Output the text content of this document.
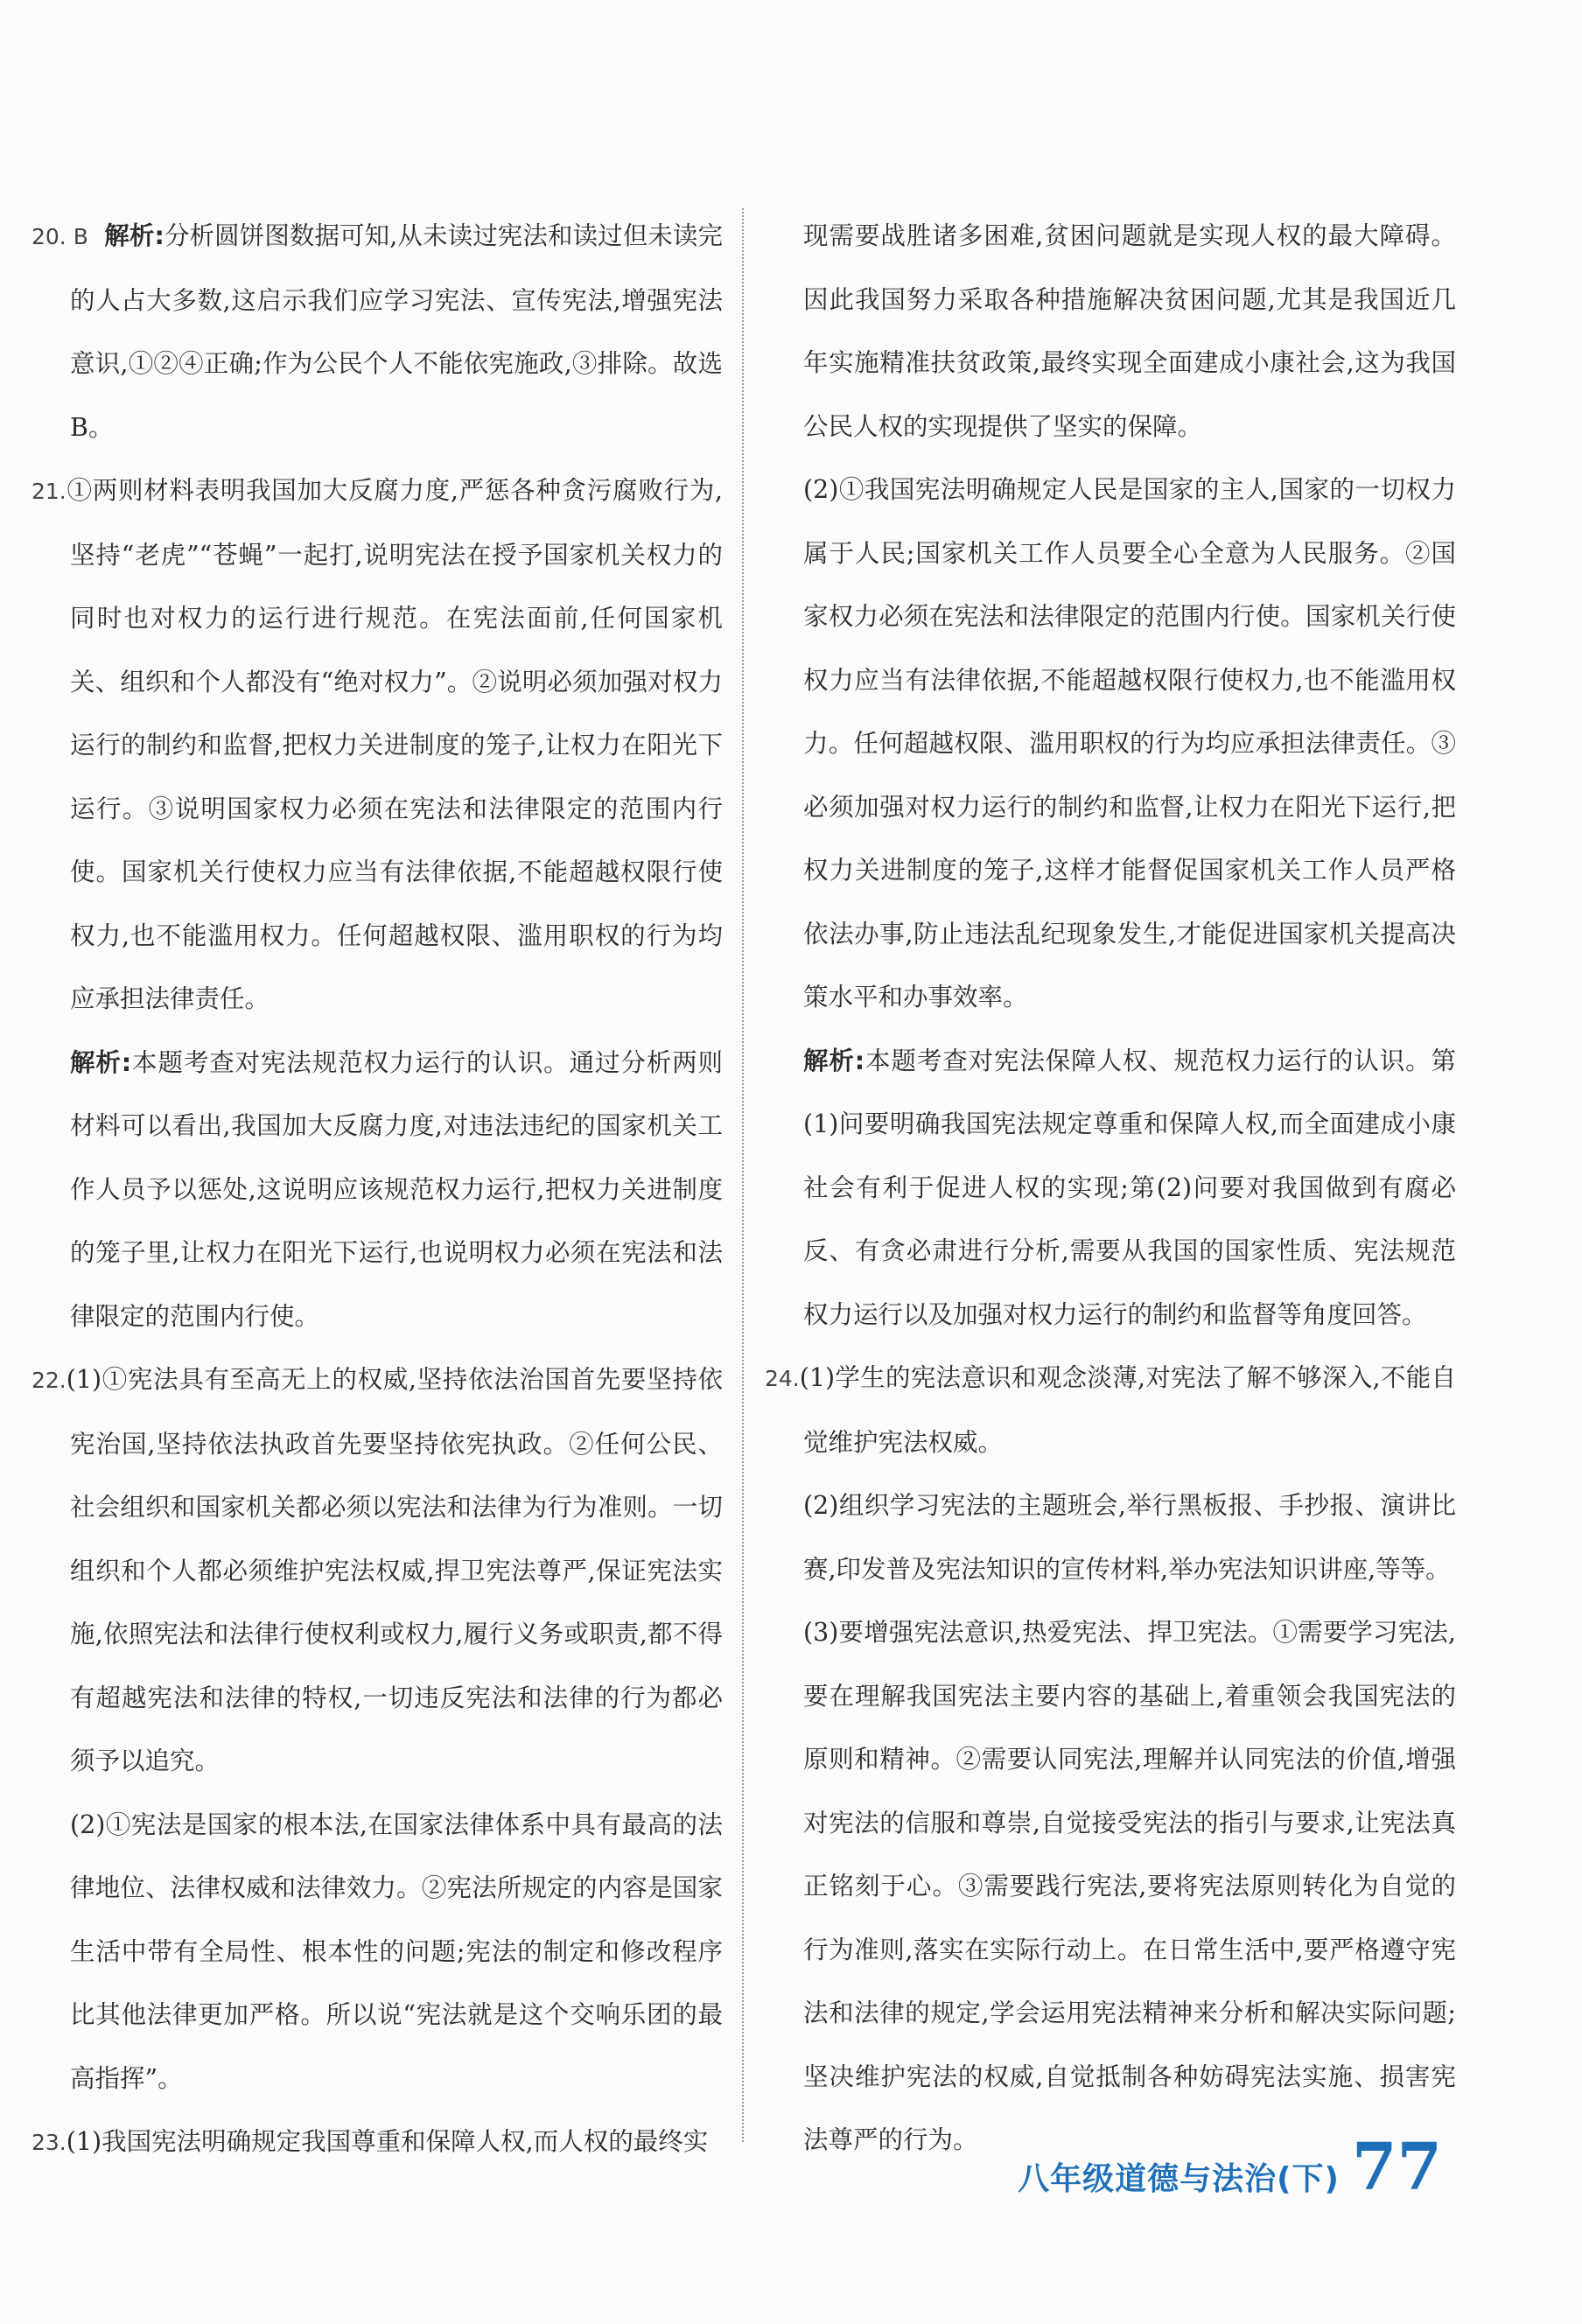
20. B 解析:分析圆饼图数据可知,从未读过宪法和读过但未读完的人占大多数,这启示我们应学习宪法、宣传宪法,增强宪法意识,①②④正确;作为公民个人不能依宪施政,③排除。故选B。

21.①两则材料表明我国加大反腐力度,严惩各种贪污腐败行为,坚持“老虎”“苍蝇”一起打,说明宪法在授予国家机关权力的同时也对权力的运行进行规范。在宪法面前,任何国家机关、组织和个人都没有“绝对权力”。②说明必须加强对权力运行的制约和监督,把权力关进制度的笼子,让权力在阳光下运行。③说明国家权力必须在宪法和法律限定的范围内行使。国家机关行使权力应当有法律依据,不能超越权限行使权力,也不能滥用权力。任何超越权限、滥用职权的行为均应承担法律责任。

解析:本题考查对宪法规范权力运行的认识。通过分析两则材料可以看出,我国加大反腐力度,对违法违纪的国家机关工作人员予以惩处,这说明应该规范权力运行,把权力关进制度的笼子里,让权力在阳光下运行,也说明权力必须在宪法和法律限定的范围内行使。

22.(1)①宪法具有至高无上的权威,坚持依法治国首先要坚持依宪治国,坚持依法执政首先要坚持依宪执政。②任何公民、社会组织和国家机关都必须以宪法和法律为行为准则。一切组织和个人都必须维护宪法权威,捍卫宪法尊严,保证宪法实施,依照宪法和法律行使权利或权力,履行义务或职责,都不得有超越宪法和法律的特权,一切违反宪法和法律的行为都必须予以追究。

(2)①宪法是国家的根本法,在国家法律体系中具有最高的法律地位、法律权威和法律效力。②宪法所规定的内容是国家生活中带有全局性、根本性的问题;宪法的制定和修改程序比其他法律更加严格。所以说“宪法就是这个交响乐团的最高指挥”。

23.(1)我国宪法明确规定我国尊重和保障人权,而人权的最终实

现需要战胜诸多困难,贫困问题就是实现人权的最大障碍。因此我国努力采取各种措施解决贫困问题,尤其是我国近几年实施精准扶贫政策,最终实现全面建成小康社会,这为我国公民人权的实现提供了坚实的保障。

(2)①我国宪法明确规定人民是国家的主人,国家的一切权力属于人民;国家机关工作人员要全心全意为人民服务。②国家权力必须在宪法和法律限定的范围内行使。国家机关行使权力应当有法律依据,不能超越权限行使权力,也不能滥用权力。任何超越权限、滥用职权的行为均应承担法律责任。③必须加强对权力运行的制约和监督,让权力在阳光下运行,把权力关进制度的笼子,这样才能督促国家机关工作人员严格依法办事,防止违法乱纪现象发生,才能促进国家机关提高决策水平和办事效率。

解析:本题考查对宪法保障人权、规范权力运行的认识。第(1)问要明确我国宪法规定尊重和保障人权,而全面建成小康社会有利于促进人权的实现;第(2)问要对我国做到有腐必反、有贪必肃进行分析,需要从我国的国家性质、宪法规范权力运行以及加强对权力运行的制约和监督等角度回答。

24.(1)学生的宪法意识和观念淡薄,对宪法了解不够深入,不能自觉维护宪法权威。

(2)组织学习宪法的主题班会,举行黑板报、手抄报、演讲比赛,印发普及宪法知识的宣传材料,举办宪法知识讲座,等等。

(3)要增强宪法意识,热爱宪法、捍卫宪法。①需要学习宪法,要在理解我国宪法主要内容的基础上,着重领会我国宪法的原则和精神。②需要认同宪法,理解并认同宪法的价值,增强对宪法的信服和尊崇,自觉接受宪法的指引与要求,让宪法真正铭刻于心。③需要践行宪法,要将宪法原则转化为自觉的行为准则,落实在实际行动上。在日常生活中,要严格遵守宪法和法律的规定,学会运用宪法精神来分析和解决实际问题;坚决维护宪法的权威,自觉抵制各种妨碍宪法实施、损害宪法尊严的行为。

八年级道德与法治(下) 77
